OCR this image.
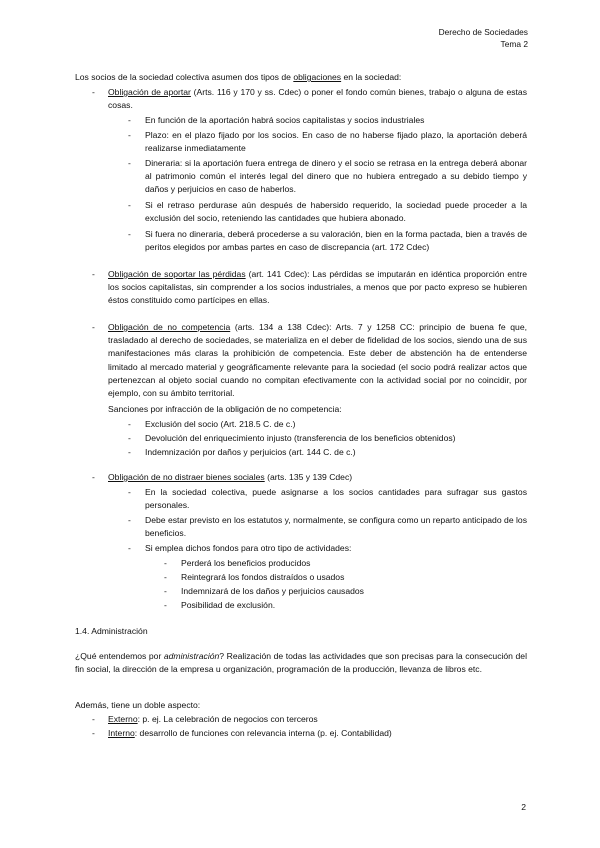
Derecho de Sociedades
Tema 2
Los socios de la sociedad colectiva asumen dos tipos de obligaciones en la sociedad:
- Obligación de aportar (Arts. 116 y 170 y ss. Cdec) o poner el fondo común bienes, trabajo o alguna de estas cosas.
- En función de la aportación habrá socios capitalistas y socios industriales
- Plazo: en el plazo fijado por los socios. En caso de no haberse fijado plazo, la aportación deberá realizarse inmediatamente
- Dineraria: si la aportación fuera entrega de dinero y el socio se retrasa en la entrega deberá abonar al patrimonio común el interés legal del dinero que no hubiera entregado a su debido tiempo y daños y perjuicios en caso de haberlos.
- Si el retraso perdurase aún después de habersido requerido, la sociedad puede proceder a la exclusión del socio, reteniendo las cantidades que hubiera abonado.
- Si fuera no dineraria, deberá procederse a su valoración, bien en la forma pactada, bien a través de peritos elegidos por ambas partes en caso de discrepancia (art. 172 Cdec)
- Obligación de soportar las pérdidas (art. 141 Cdec): Las pérdidas se imputarán en idéntica proporción entre los socios capitalistas, sin comprender a los socios industriales, a menos que por pacto expreso se hubieren éstos constituido como partícipes en ellas.
- Obligación de no competencia (arts. 134 a 138 Cdec): Arts. 7 y 1258 CC: principio de buena fe que, trasladado al derecho de sociedades, se materializa en el deber de fidelidad de los socios, siendo una de sus manifestaciones más claras la prohibición de competencia. Este deber de abstención ha de entenderse limitado al mercado material y geográficamente relevante para la sociedad (el socio podrá realizar actos que pertenezcan al objeto social cuando no compitan efectivamente con la actividad social por no coincidir, por ejemplo, con su ámbito territorial.
Sanciones por infracción de la obligación de no competencia:
- Exclusión del socio (Art. 218.5 C. de c.)
- Devolución del enriquecimiento injusto (transferencia de los beneficios obtenidos)
- Indemnización por daños y perjuicios (art. 144 C. de c.)
- Obligación de no distraer bienes sociales (arts. 135 y 139 Cdec)
- En la sociedad colectiva, puede asignarse a los socios cantidades para sufragar sus gastos personales.
- Debe estar previsto en los estatutos y, normalmente, se configura como un reparto anticipado de los beneficios.
- Si emplea dichos fondos para otro tipo de actividades:
- Perderá los beneficios producidos
- Reintegrará los fondos distraídos o usados
- Indemnizará de los daños y perjuicios causados
- Posibilidad de exclusión.
1.4. Administración
¿Qué entendemos por administración? Realización de todas las actividades que son precisas para la consecución del fin social, la dirección de la empresa u organización, programación de la producción, llevanza de libros etc.
Además, tiene un doble aspecto:
- Externo: p. ej. La celebración de negocios con terceros
- Interno: desarrollo de funciones con relevancia interna (p. ej. Contabilidad)
2
